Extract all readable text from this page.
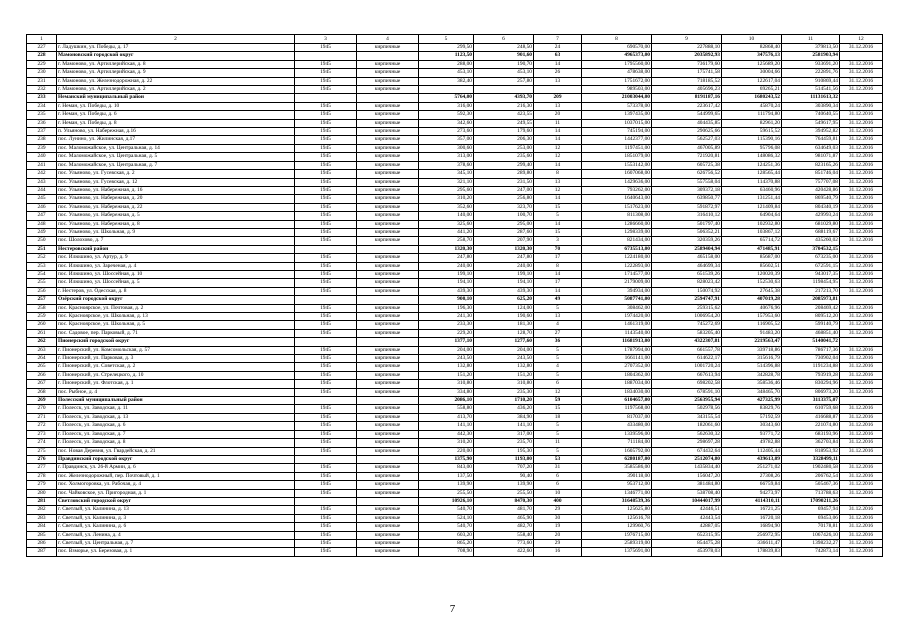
1	2	3	4	5	6	7	8	9	10	11	12
227	г. Ладушкин, ул. Победы, д. 17	1945	кирпичные	299,50	248,50	24	690570,00	227888,10	82868,40	379813,50	31.12.2016
228	Мамоновский городской округ			1123,50	901,60	63	4965373,00	2035892,93	347576,13	2581903,94	
229	г. Мамоново, ул. Артиллерийская, д. 8	1945	кирпичные	288,00	190,70	14	1795560,00	736179,60	125689,20	933691,20	31.12.2016
230	г. Мамоново, ул. Артиллерийская, д. 9	1945	кирпичные	453,10	453,10	26	478638,00	175741,58	30004,66	222891,76	31.12.2016
231	г. Мамоново, ул. Железнодорожная, д. 22	1945	кирпичные	382,40	257,80	13	1751672,00	718185,52	122617,04	910869,44	31.12.2016
232	г. Мамоново, ул. Артиллерийская, д. 2	1945	кирпичные				989503,00	405696,23	69265,21	514541,56	31.12.2016
233	Неманский муниципальный район			5764,00	4393,70	209	21003044,00	8191187,16	1680243,52	11131613,32	
234	г. Неман, ул. Победы, д. 10	1945	кирпичные	316,00	216,30	13	573378,00	223617,42	45870,24	303890,34	31.12.2016
235	г. Неман, ул. Победы, д. 6	1945	кирпичные	592,30	423,55	20	1397435,00	544999,65	111794,80	740640,55	31.12.2016
236	г. Неман, ул. Победы, д. 8	1945	кирпичные	342,60	249,55	11	1037015,00	404435,85	82961,20	549617,95	31.12.2016
237	п. Ульяново, ул. Набережная, д.16	1945	кирпичные	273,60	179,60	14	745194,00	290625,66	59615,52	394952,82	31.12.2016
238	пос. Лунино, ул. Жилинская, д.17	1945	кирпичные	357,00	206,30	14	1442377,00	562527,03	115390,16	764459,81	31.12.2016
239	пос. Маломожайское, ул. Центральная, д. 14	1945	кирпичные	300,60	253,00	12	1197451,00	467005,89	95796,08	634649,03	31.12.2016
240	пос. Маломожайское, ул. Центральная, д. 5	1945	кирпичные	313,00	235,60	12	1851079,00	721920,81	148086,32	981071,87	31.12.2016
241	пос. Маломожайское, ул. Центральная, д. 7	1945	кирпичные	378,60	299,40	14	1553142,00	605725,38	124251,36	823165,26	31.12.2016
242	пос. Ульяново, ул. Гусевская, д. 2	1945	кирпичные	345,10	289,80	8	1607068,00	626756,52	128565,44	851746,04	31.12.2016
243	пос. Ульяново, ул. Гусевская, д. 12	1945	кирпичные	321,10	231,50	13	1429636,00	557558,04	114370,88	757707,08	31.12.2016
244	пос. Ульяново, ул. Набережная, д. 16	1945	кирпичные	295,60	247,00	12	793262,00	309372,18	63460,96	420428,86	31.12.2016
245	пос. Ульяново, ул. Набережная, д. 20	1945	кирпичные	310,20	256,80	14	1640643,00	639850,77	131251,44	869540,79	31.12.2016
246	пос. Ульяново, ул. Набережная, д. 22	1945	кирпичные	352,60	323,70	15	1517623,00	591872,97	121409,84	804340,19	31.12.2016
247	пос. Ульяново, ул. Набережная, д. 5	1945	кирпичные	140,00	100,70	5	811308,00	316410,12	64904,64	429993,24	31.12.2016
248	пос. Ульяново, ул. Набережная, д. 8	1945	кирпичные	325,60	295,00	14	1286660,00	501797,40	102932,80	681029,80	31.12.2016
249	пос. Ульяново, ул. Школьная, д. 9	1945	кирпичные	441,20	287,60	15	1298339,00	506352,21	103867,12	688119,67	31.12.2016
250	пос. Шолохово, д. 7	1945	кирпичные	258,70	207,90	3	821434,00	320359,26	65714,72	435260,02	31.12.2016
251	Нестеровский район			1320,30	1320,30	70	6735513,00	2589404,94	471485,91	3704532,15	
252	пос. Илюшино, ул. Артур, д. 9	1945	кирпичные	247,80	247,80	17	1224180,00	465158,00	85687,00	673235,00	31.12.2016
253	пос. Илюшино, ул. Зареченая, д. 4	1945	кирпичные	240,00	240,00	8	1222893,00	464699,34	85602,51	672591,15	31.12.2016
254	пос. Илюшино, ул. Шоссейная, д. 10	1945	кирпичные	199,10	199,10	14	1714577,00	651539,26	120020,39	943017,35	31.12.2016
255	пос. Илюшино, ул. Шоссейная, д. 5	1945	кирпичные	194,10	194,10	17	2179009,00	828023,42	152530,63	1198454,95	31.12.2016
256	г. Нестеров, ул. Одесская, д. 8	1945	кирпичные	439,30	439,30	14	394934,00	150074,92	27645,38	217213,70	31.12.2016
257	Озёрский городской округ			900,10	625,20	49	5087741,00	2594747,91	407019,28	2085973,81	
258	пос. Красноярское, ул. Почтовая, д. 2	1945	кирпичные	196,30	124,00	5	308462,00	259315,62	40676,96	208469,42	31.12.2016
259	пос. Красноярское, ул. Школьная, д. 13	1945	кирпичные	241,30	190,60	13	1974420,00	1006954,20	157953,60	809512,20	31.12.2016
260	пос. Красноярское, ул. Школьная, д. 5	1945	кирпичные	233,30	181,30	4	1461319,00	745272,69	116905,52	599140,79	31.12.2016
261	пос. Садовое, пер. Парковый, д. 71	1945	кирпичные	229,20	128,70	27	1143540,00	583205,40	91483,20	468851,40	31.12.2016
262	Пионерский городской округ			1377,10	1277,60	36	11681913,00	4322307,81	2219563,47	5140041,72	
263	г. Пионерский, ул. Комсомольская, д. 57	1945	кирпичные	204,00	204,00	5	1787994,00	661557,78	339718,86	786717,36	31.12.2016
264	г. Пионерский, ул. Парковая, д. 3	1945	кирпичные	243,50	243,50	5	1661141,00	614622,17	315616,79	730902,04	31.12.2016
265	г. Пионерский, ул. Советская, д. 2	1945	кирпичные	132,80	132,80	4	2707352,00	1001720,24	514396,88	1191234,88	31.12.2016
266	г. Пионерский, ул. Стрелецкого, д. 10	1945	кирпичные	151,20	151,20	5	1804362,00	667613,94	342828,78	793919,28	31.12.2016
267	г. Пионерский, ул. Флотская, д. 1	1945	кирпичные	310,80	310,80	6	1887034,00	698202,58	358536,46	830294,96	31.12.2016
268	пос. Рыбное, д. 4	1945	кирпичные	334,80	235,30	12	1834030,00	678591,10	348465,70	806973,20	31.12.2016
269	Полесский муниципальный район			2086,10	1710,20	59	6104657,00	2563955,94	427325,99	3113375,07	
270	г. Полесск, ул. Заводская, д. 11	1945	кирпичные	558,80	436,20	15	1197568,00	502978,56	83829,76	610759,68	31.12.2016
271	г. Полесск, ул. Заводская, д. 13	1945	кирпичные	413,70	384,90	18	817037,00	343155,54	57192,59	416688,87	31.12.2016
272	г. Полесск, ул. Заводская, д. 6	1945	кирпичные	141,10	141,10	5	433480,00	182061,60	30343,60	221074,80	31.12.2016
273	г. Полесск, ул. Заводская, д. 7	1945	кирпичные	442,30	317,00	5	1339596,00	562630,32	93771,72	683193,96	31.12.2016
274	г. Полесск, ул. Заводская, д. 8	1945	кирпичные	310,20	235,70	11	711184,00	298697,28	49782,88	362703,84	31.12.2016
275	пос. Новая Деревня, ул. Гвардейская, д. 21	1945	кирпичные	220,00	195,30	5	1605792,00	674432,64	112405,44	818953,92	31.12.2016
276	Правдинский городской округ			1375,90	1193,00	53	6280187,00	2512074,80	439613,09	3328499,11	
277	г. Правдинск, ул. 26-й Армии, д. 6	1945	кирпичные	843,00	707,20	31	3585586,00	1435834,40	251271,02	1902480,58	31.12.2016
278	пос. Железнодорожный, пер. Почтовый, д. 1	1945	кирпичные	137,50	90,40	6	390118,00	156047,20	27308,26	206762,54	31.12.2016
279	пос. Холмогоровка, ул. Рабочая, д. 4	1945	кирпичные	139,90	139,90	6	953712,00	381484,80	66759,84	505467,36	31.12.2016
280	пос. Чайковское, ул. Пригородная, д. 1	1945	кирпичные	255,50	255,50	10	1346771,00	538708,40	94273,97	713788,63	31.12.2016
281	Светловский городской округ			10926,10	8470,30	400	31648539,36	10444017,99	4114310,11	17090211,26	
282	г. Светлый, ул. Калинина, д. 13	1945	кирпичные	540,70	481,70	29	125625,80	42446,51	16721,25	69457,94	31.12.2016
283	г. Светлый, ул. Калинина, д. 3	1945	кирпичные	524,10	465,90	30	125616,78	42443,54	16720,18	69453,06	31.12.2016
284	г. Светлый, ул. Калинина, д. 6	1945	кирпичные	540,70	482,70	19	129960,76	42887,05	16894,90	70178,81	31.12.2016
285	г. Светлый, ул. Ленина, д. 4	1945	кирпичные	603,20	558,40	20	1976715,00	652315,95	256972,95	1067426,10	31.12.2016
286	г. Светлый, ул. Центральная, д. 7	1945	кирпичные	865,20	773,60	29	2589319,00	854475,28	336611,47	1398232,27	31.12.2016
287	пос. Взморье, ул. Березовая, д. 1	1945	кирпичные	708,90	422,60	16	1375691,00	453978,03	178839,83	742873,14	31.12.2016
7
